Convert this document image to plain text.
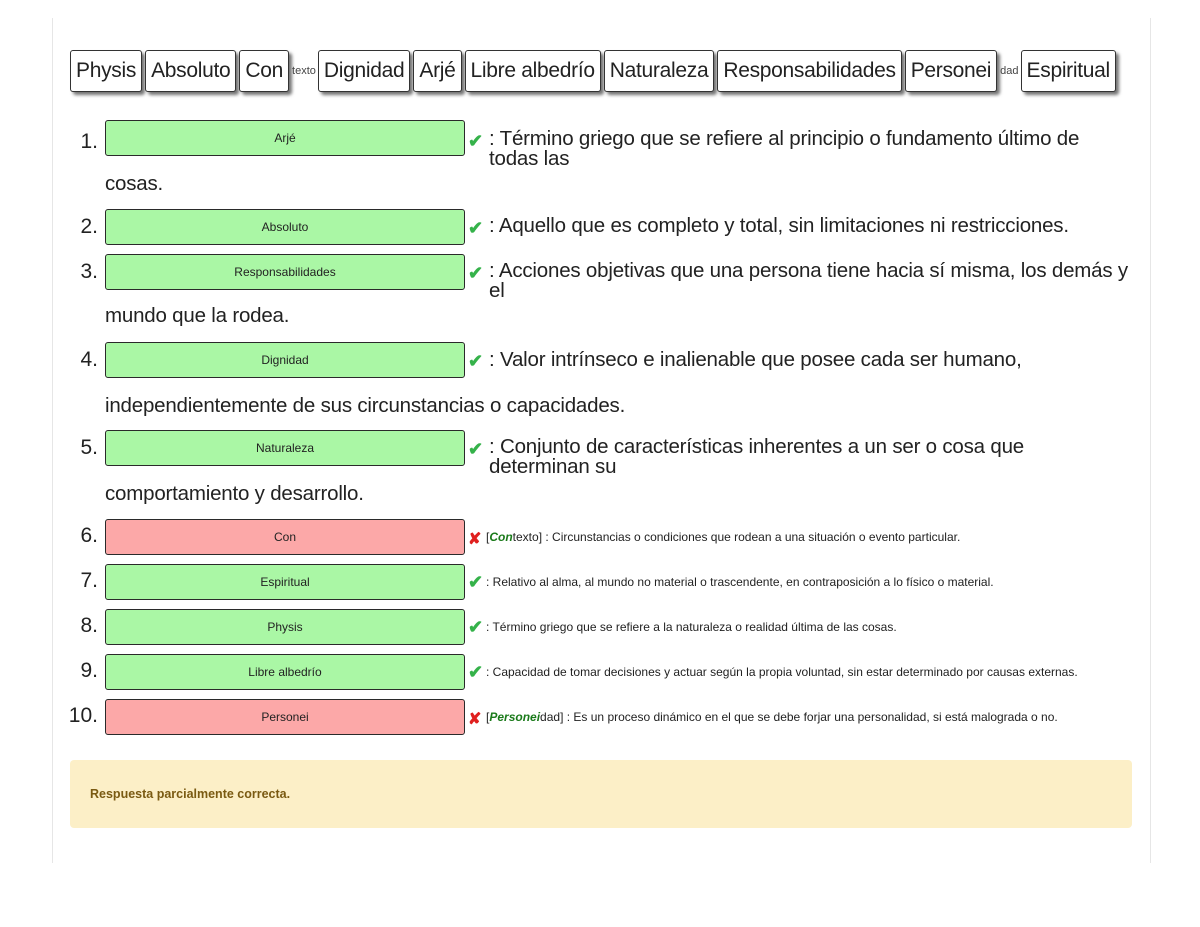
Physis Absoluto Con texto Dignidad Arjé Libre albedrío Naturaleza Responsabilidades Personei dad Espiritual
1.	Arjé	✔ : Término griego que se refiere al principio o fundamento último de todas las
cosas.
2.	Absoluto	✔ : Aquello que es completo y total, sin limitaciones ni restricciones.
3.	Responsabilidades	✔ : Acciones objetivas que una persona tiene hacia sí misma, los demás y el
mundo que la rodea.
4.	Dignidad	✔ : Valor intrínseco e inalienable que posee cada ser humano,
independientemente de sus circunstancias o capacidades.
5.	Naturaleza	✔ : Conjunto de características inherentes a un ser o cosa que determinan su
comportamiento y desarrollo.
6.	Con	✘ [Contexto] : Circunstancias o condiciones que rodean a una situación o evento particular.
7.	Espiritual	✔ : Relativo al alma, al mundo no material o trascendente, en contraposición a lo físico o material.
8.	Physis	✔ : Término griego que se refiere a la naturaleza o realidad última de las cosas.
9.	Libre albedrío	✔ : Capacidad de tomar decisiones y actuar según la propia voluntad, sin estar determinado por causas externas.
10.	Personei	✘ [Personeidad] : Es un proceso dinámico en el que se debe forjar una personalidad, si está malograda o no.
Respuesta parcialmente correcta.
